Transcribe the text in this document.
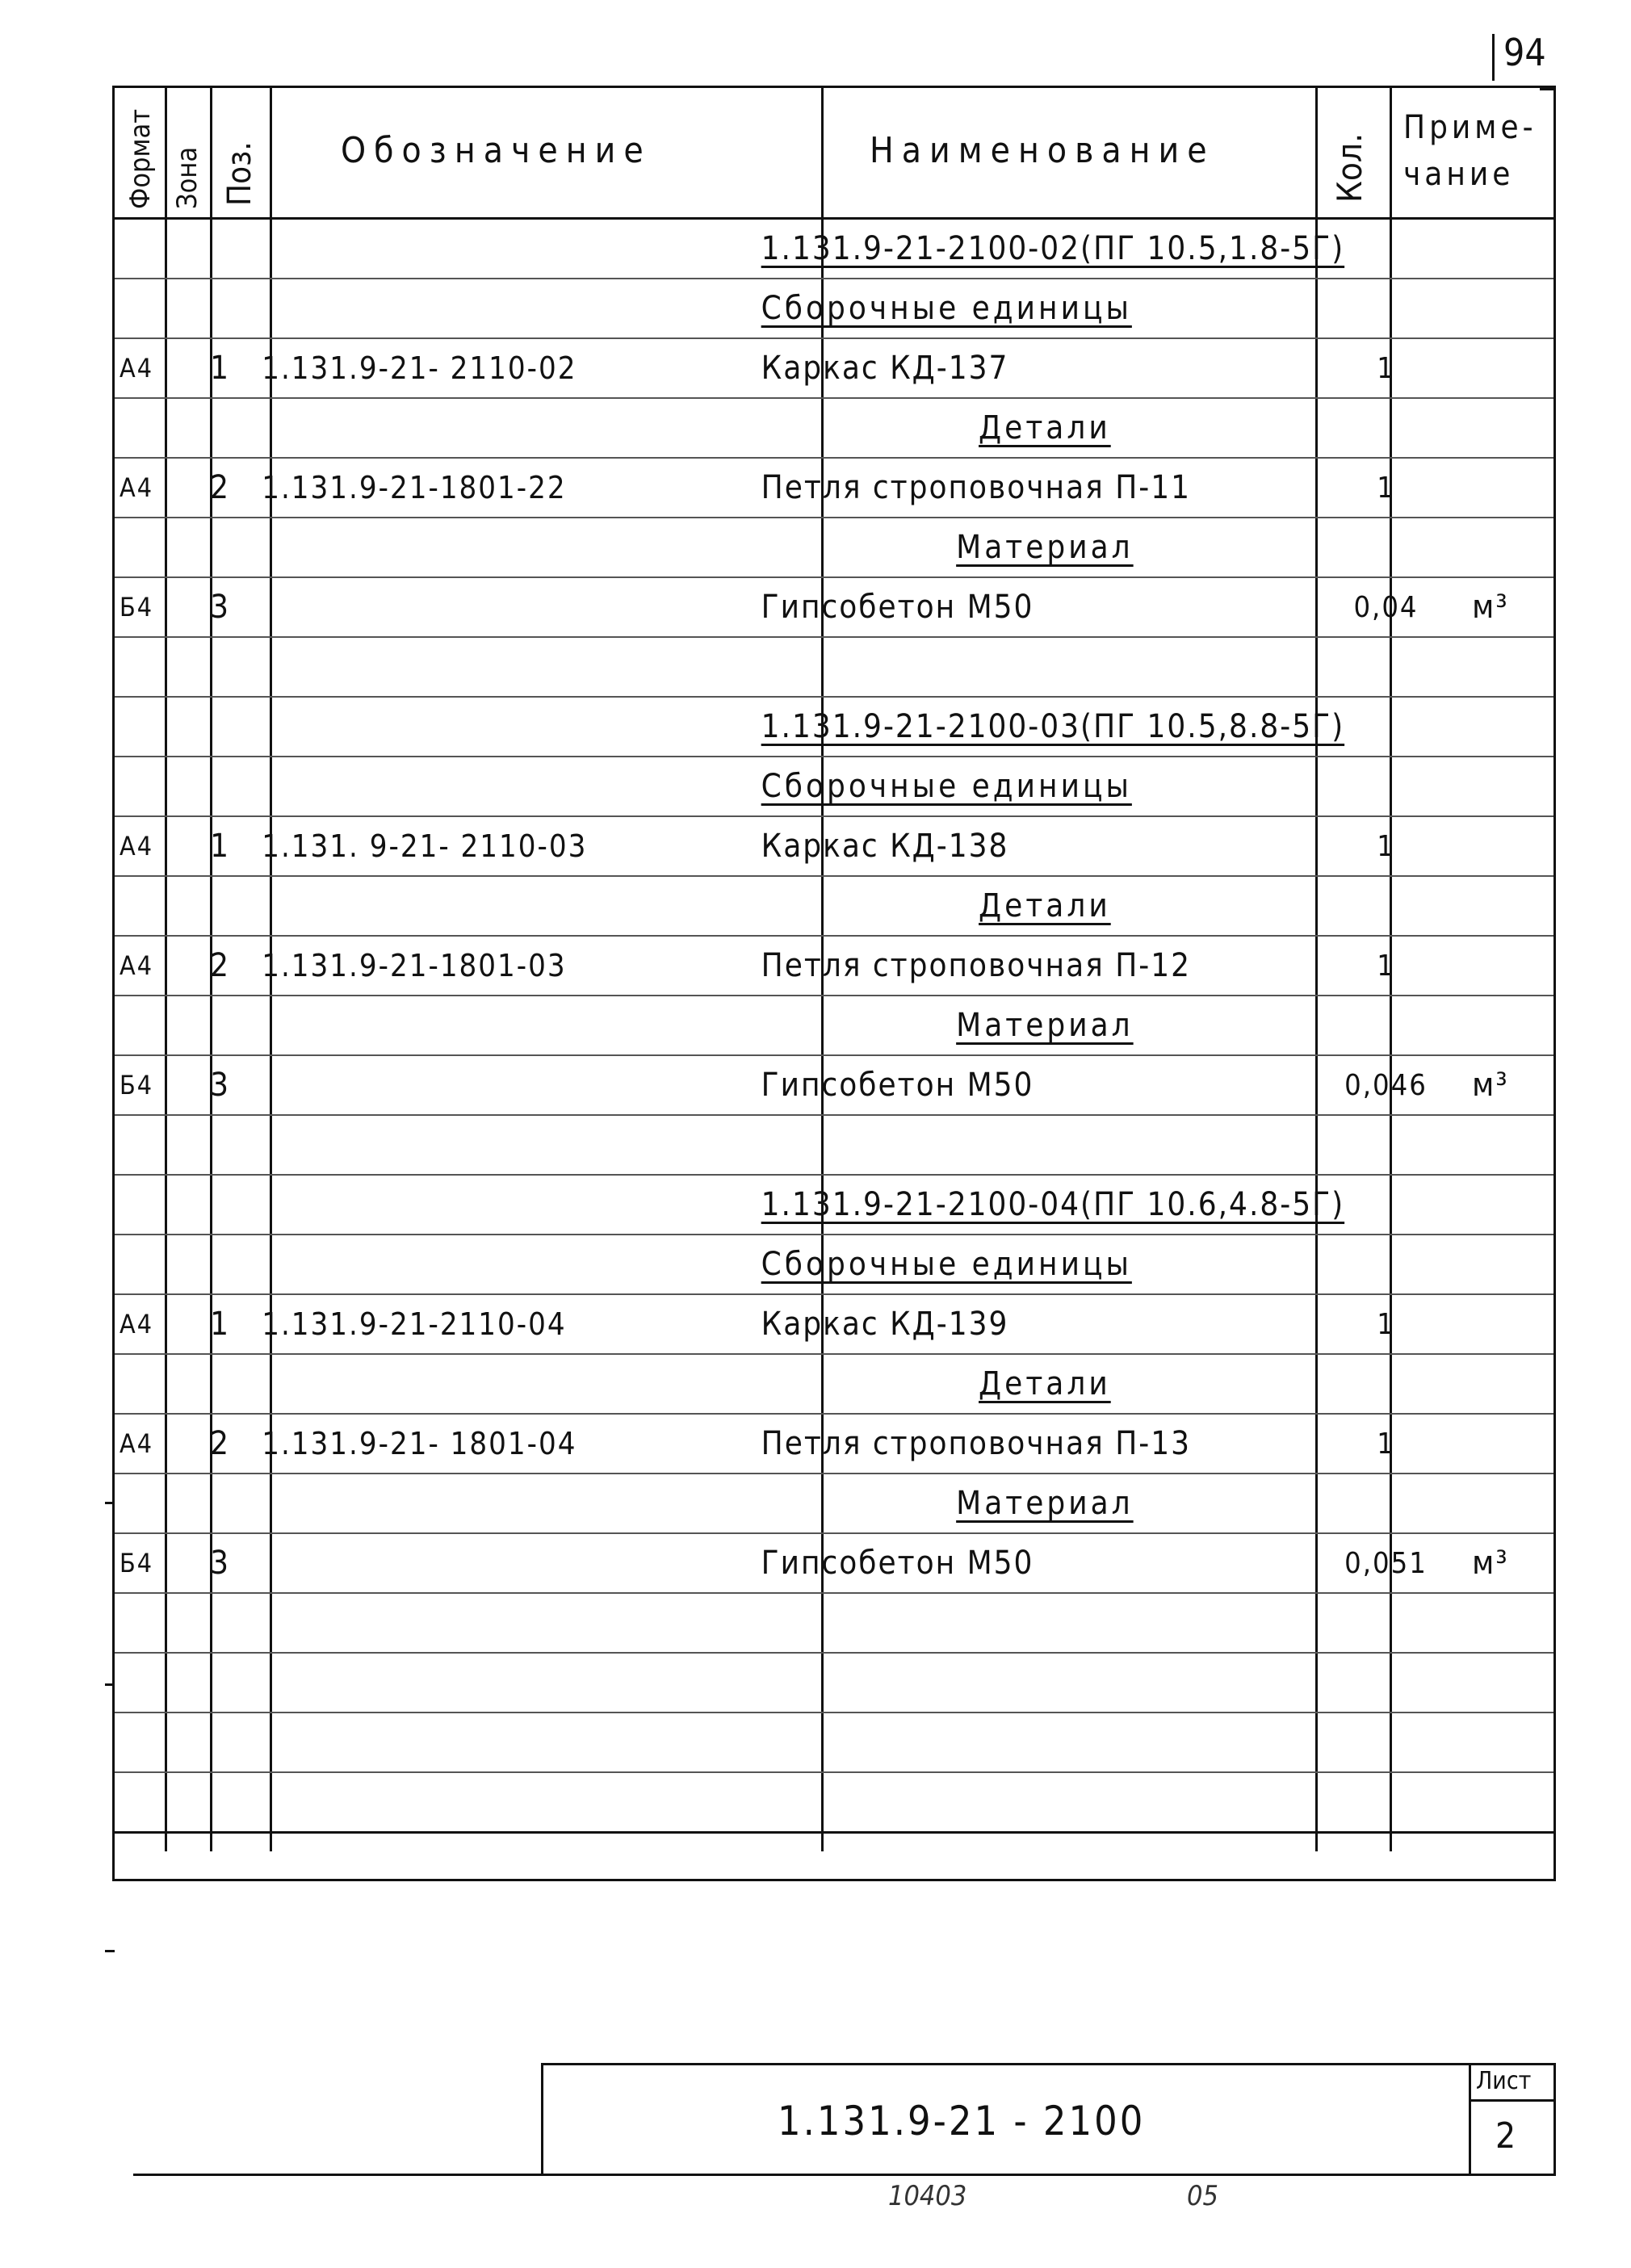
94
Формат Зона Поз. Обозначение	Наименование	Кол.
Приме-
чание
				1.131.9-21-2100-02(ПГ 10.5,1.8-5Г)		
				Сборочные единицы		
А4		1	1.131.9-21- 2110-02	Каркас КД-137	1	
				Детали		
А4		2	1.131.9-21-1801-22	Петля строповочная П-11	1	
				Материал		
Б4		3		Гипсобетон М50	0,04	м³

				1.131.9-21-2100-03(ПГ 10.5,8.8-5Г)		
				Сборочные единицы		
А4		1	1.131. 9-21- 2110-03	Каркас КД-138	1	
				Детали		
А4		2	1.131.9-21-1801-03	Петля строповочная П-12	1	
				Материал		
Б4		3		Гипсобетон М50	0,046	м³

				1.131.9-21-2100-04(ПГ 10.6,4.8-5Г)		
				Сборочные единицы		
А4		1	1.131.9-21-2110-04	Каркас КД-139	1	
				Детали		
А4		2	1.131.9-21- 1801-04	Петля строповочная П-13	1	
				Материал		
Б4		3		Гипсобетон М50	0,051	м³

1.131.9-21 - 2100
Лист
2
10403	05
